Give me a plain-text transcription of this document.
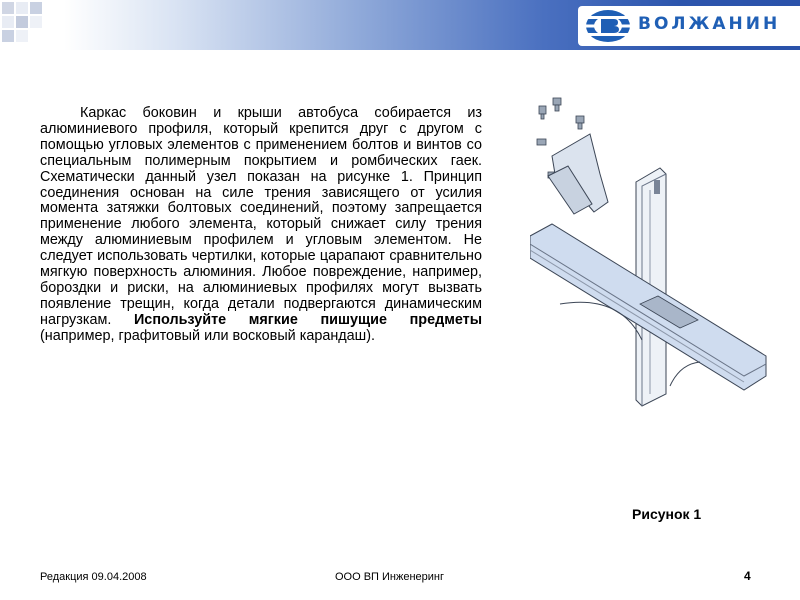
ВОЛЖАНИН
Каркас боковин и крыши автобуса собирается из алюминиевого профиля, который крепится друг с другом с помощью угловых элементов с применением болтов и винтов со специальным полимерным покрытием и ромбических гаек. Схематически данный узел показан на рисунке 1. Принцип соединения основан на силе трения зависящего от усилия момента затяжки болтовых соединений, поэтому запрещается применение любого элемента, который снижает силу трения между алюминиевым профилем и угловым элементом. Не следует использовать чертилки, которые царапают сравнительно мягкую поверхность алюминия. Любое повреждение, например, бороздки и риски, на алюминиевых профилях могут вызвать появление трещин, когда детали подвергаются динамическим нагрузкам. Используйте мягкие пишущие предметы (например, графитовый или восковый карандаш).
Рисунок 1
Редакция 09.04.2008	ООО ВП Инженеринг	4
